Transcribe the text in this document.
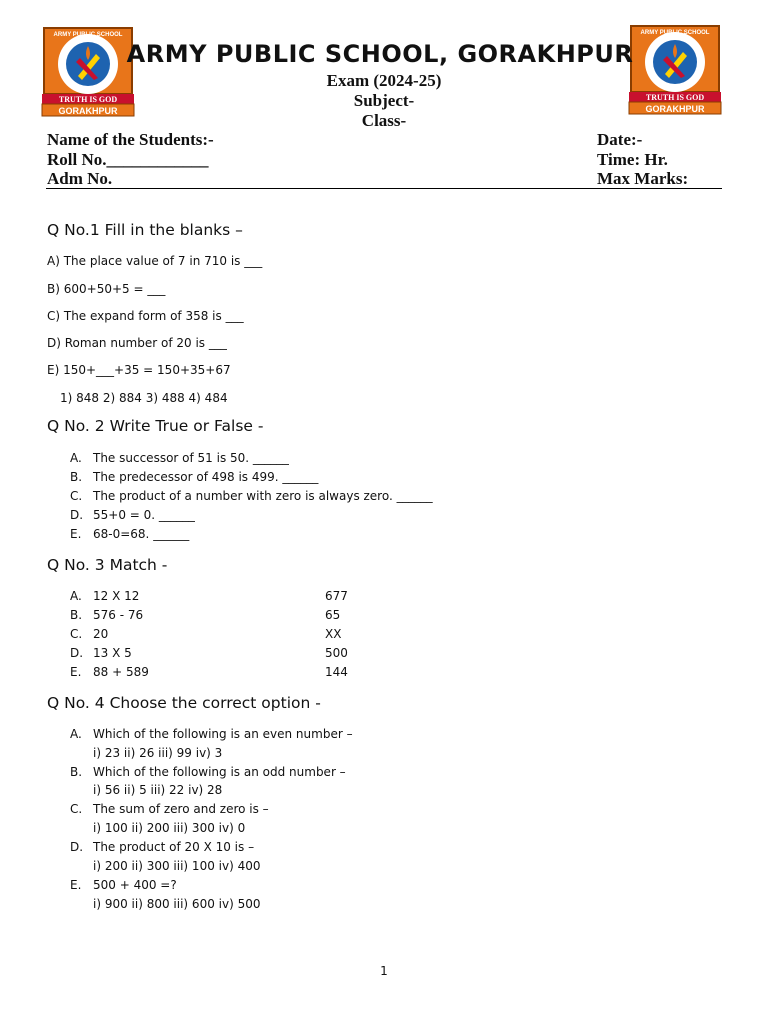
TRUTH IS GOD
GORAKHPUR
ARMY PUBLIC SCHOOL
TRUTH IS GOD
GORAKHPUR
ARMY PUBLIC SCHOOL
ARMY PUBLIC SCHOOL, GORAKHPUR
Exam (2024-25)
Subject-
Class-
Name of the Students:-
Roll No.____________
Adm No.
Date:-
Time: Hr.
Max Marks:
Q No.1 Fill in the blanks –
A) The place value of 7 in 710 is ___
B) 600+50+5 = ___
C) The expand form of 358 is ___
D) Roman number of 20 is ___
E) 150+___+35 = 150+35+67
1) 848 2) 884 3) 488 4) 484
Q No. 2 Write True or False -
A. The successor of 51 is 50. ______
B. The predecessor of 498 is 499. ______
C. The product of a number with zero is always zero. ______
D. 55+0 = 0. ______
E. 68-0=68. ______
Q No. 3 Match -
A. 12 X 12	677
B. 576 - 76	65
C. 20	XX
D. 13 X 5	500
E. 88 + 589	144
Q No. 4 Choose the correct option -
A. Which of the following is an even number –
i) 23 ii) 26 iii) 99 iv) 3
B. Which of the following is an odd number –
i) 56 ii) 5 iii) 22 iv) 28
C. The sum of zero and zero is –
i) 100 ii) 200 iii) 300 iv) 0
D. The product of 20 X 10 is –
i) 200 ii) 300 iii) 100 iv) 400
E. 500 + 400 =?
i) 900 ii) 800 iii) 600 iv) 500
1
